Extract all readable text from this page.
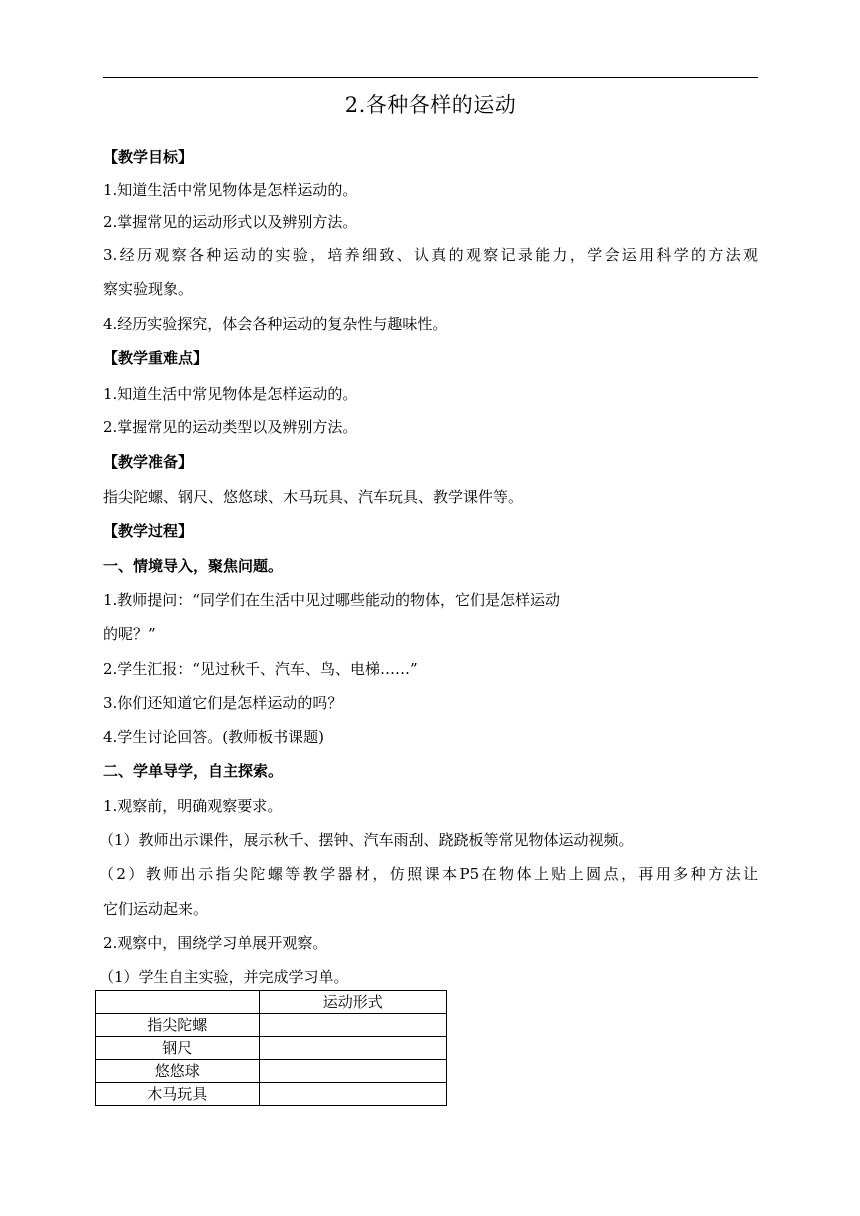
2.各种各样的运动
【教学目标】
1.知道生活中常见物体是怎样运动的。
2.掌握常见的运动形式以及辨别方法。
3.经历观察各种运动的实验，培养细致、认真的观察记录能力，学会运用科学的方法观
察实验现象。
4.经历实验探究，体会各种运动的复杂性与趣味性。
【教学重难点】
1.知道生活中常见物体是怎样运动的。
2.掌握常见的运动类型以及辨别方法。
【教学准备】
指尖陀螺、钢尺、悠悠球、木马玩具、汽车玩具、教学课件等。
【教学过程】
一、情境导入，聚焦问题。
1.教师提问：“同学们在生活中见过哪些能动的物体，它们是怎样运动
的呢？”
2.学生汇报：“见过秋千、汽车、鸟、电梯……”
3.你们还知道它们是怎样运动的吗？
4.学生讨论回答。(教师板书课题)
二、学单导学，自主探索。
1.观察前，明确观察要求。
（1）教师出示课件，展示秋千、摆钟、汽车雨刮、跷跷板等常见物体运动视频。
（2）教师出示指尖陀螺等教学器材，仿照课本P5在物体上贴上圆点，再用多种方法让
它们运动起来。
2.观察中，围绕学习单展开观察。
（1）学生自主实验，并完成学习单。
	运动形式
指尖陀螺	
钢尺	
悠悠球	
木马玩具	
